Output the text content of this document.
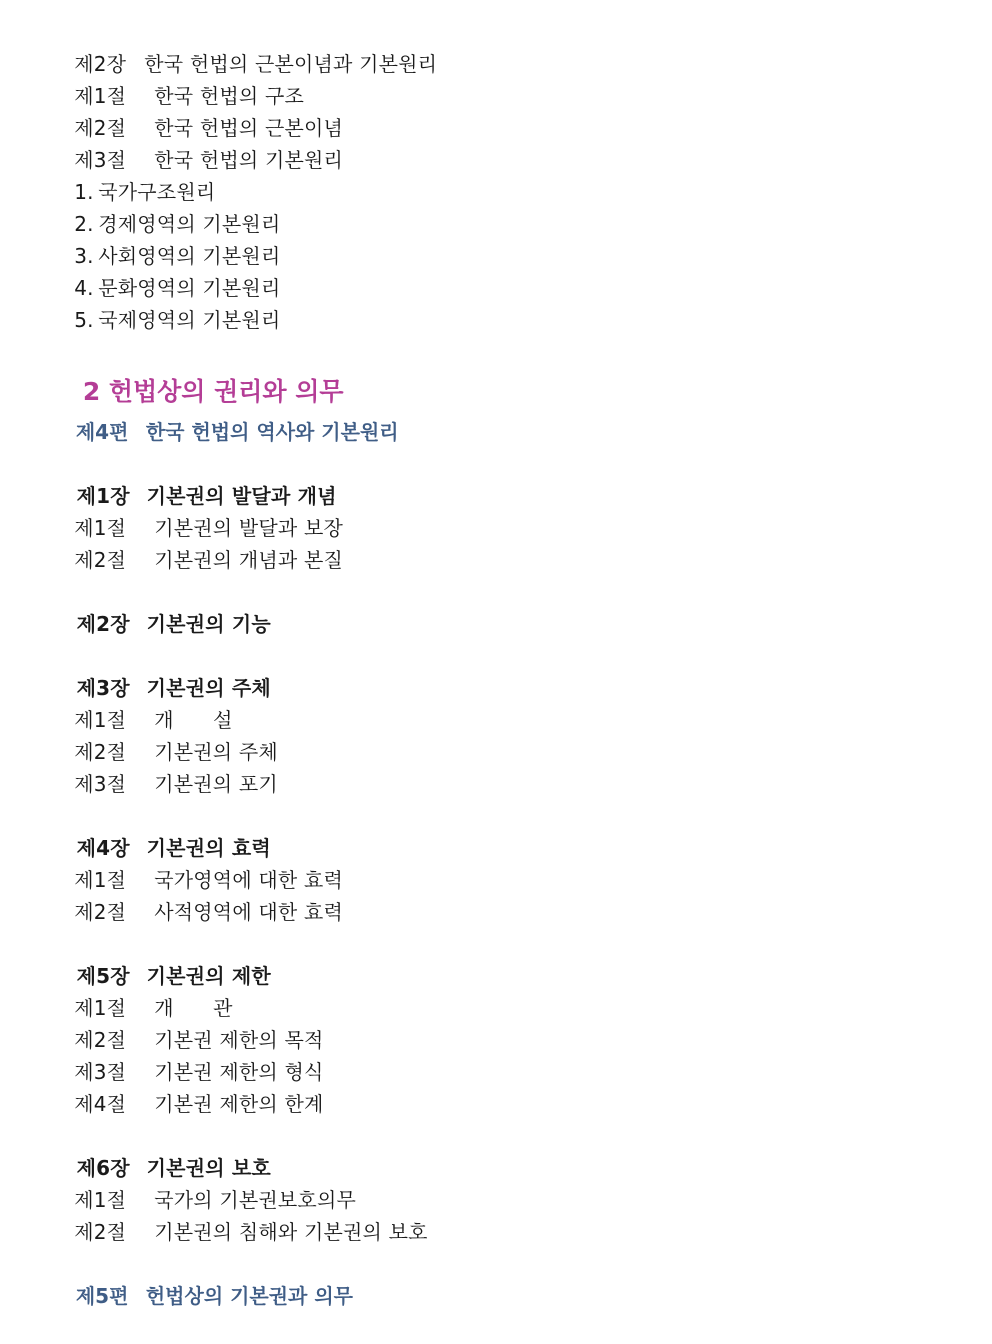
제2장 한국 헌법의 근본이념과 기본원리

제1절 한국 헌법의 구조

제2절 한국 헌법의 근본이념

제3절 한국 헌법의 기본원리

1. 국가구조원리

2. 경제영역의 기본원리

3. 사회영역의 기본원리

4. 문화영역의 기본원리

5. 국제영역의 기본원리

2 헌법상의 권리와 의무

제4편 한국 헌법의 역사와 기본원리

제1장 기본권의 발달과 개념

제1절 기본권의 발달과 보장

제2절 기본권의 개념과 본질

제2장 기본권의 기능

제3장 기본권의 주체

제1절 개      설

제2절 기본권의 주체

제3절 기본권의 포기

제4장 기본권의 효력

제1절 국가영역에 대한 효력

제2절 사적영역에 대한 효력

제5장 기본권의 제한

제1절 개      관

제2절 기본권 제한의 목적

제3절 기본권 제한의 형식

제4절 기본권 제한의 한계

제6장 기본권의 보호

제1절 국가의 기본권보호의무

제2절 기본권의 침해와 기본권의 보호

제5편 헌법상의 기본권과 의무
